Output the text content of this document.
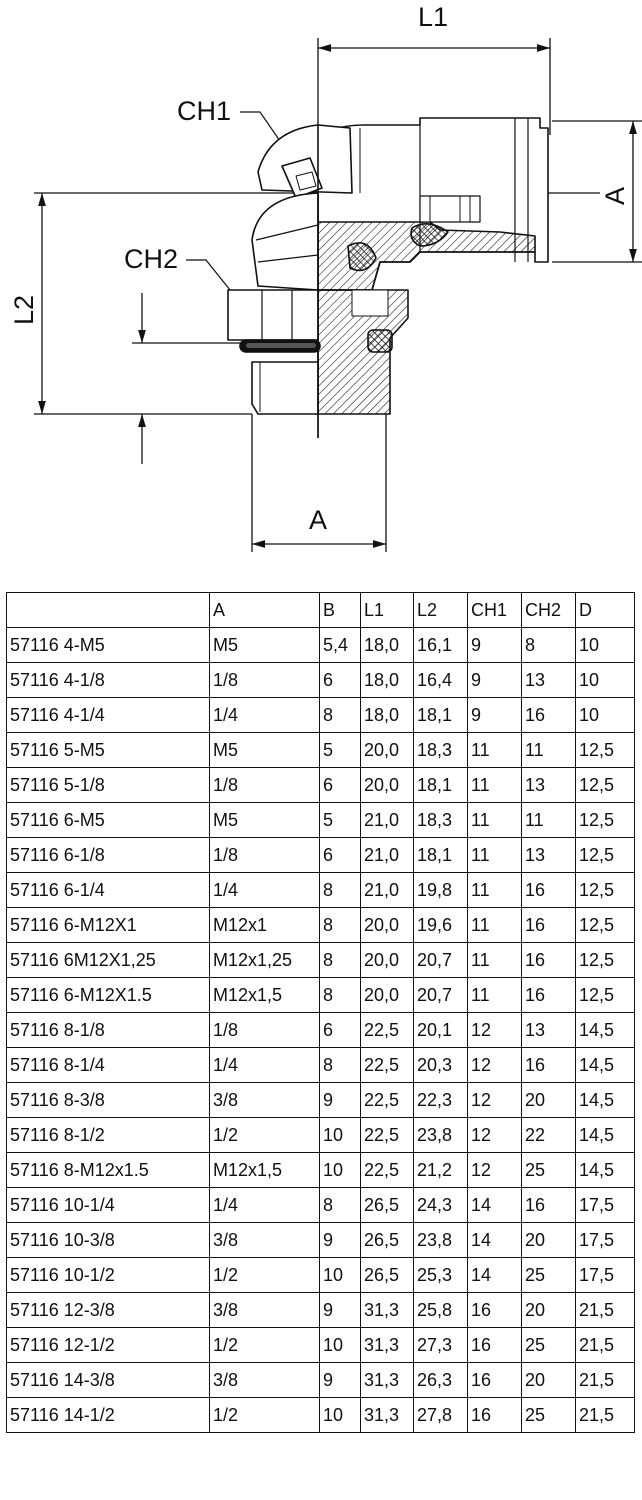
L1
A
L2
A
CH1
CH2
	A	B	L1	L2	CH1	CH2	D
57116 4-M5	M5	5,4	18,0	16,1	9	8	10
57116 4-1/8	1/8	6	18,0	16,4	9	13	10
57116 4-1/4	1/4	8	18,0	18,1	9	16	10
57116 5-M5	M5	5	20,0	18,3	11	11	12,5
57116 5-1/8	1/8	6	20,0	18,1	11	13	12,5
57116 6-M5	M5	5	21,0	18,3	11	11	12,5
57116 6-1/8	1/8	6	21,0	18,1	11	13	12,5
57116 6-1/4	1/4	8	21,0	19,8	11	16	12,5
57116 6-M12X1	M12x1	8	20,0	19,6	11	16	12,5
57116 6M12X1,25	M12x1,25	8	20,0	20,7	11	16	12,5
57116 6-M12X1.5	M12x1,5	8	20,0	20,7	11	16	12,5
57116 8-1/8	1/8	6	22,5	20,1	12	13	14,5
57116 8-1/4	1/4	8	22,5	20,3	12	16	14,5
57116 8-3/8	3/8	9	22,5	22,3	12	20	14,5
57116 8-1/2	1/2	10	22,5	23,8	12	22	14,5
57116 8-M12x1.5	M12x1,5	10	22,5	21,2	12	25	14,5
57116 10-1/4	1/4	8	26,5	24,3	14	16	17,5
57116 10-3/8	3/8	9	26,5	23,8	14	20	17,5
57116 10-1/2	1/2	10	26,5	25,3	14	25	17,5
57116 12-3/8	3/8	9	31,3	25,8	16	20	21,5
57116 12-1/2	1/2	10	31,3	27,3	16	25	21,5
57116 14-3/8	3/8	9	31,3	26,3	16	20	21,5
57116 14-1/2	1/2	10	31,3	27,8	16	25	21,5
